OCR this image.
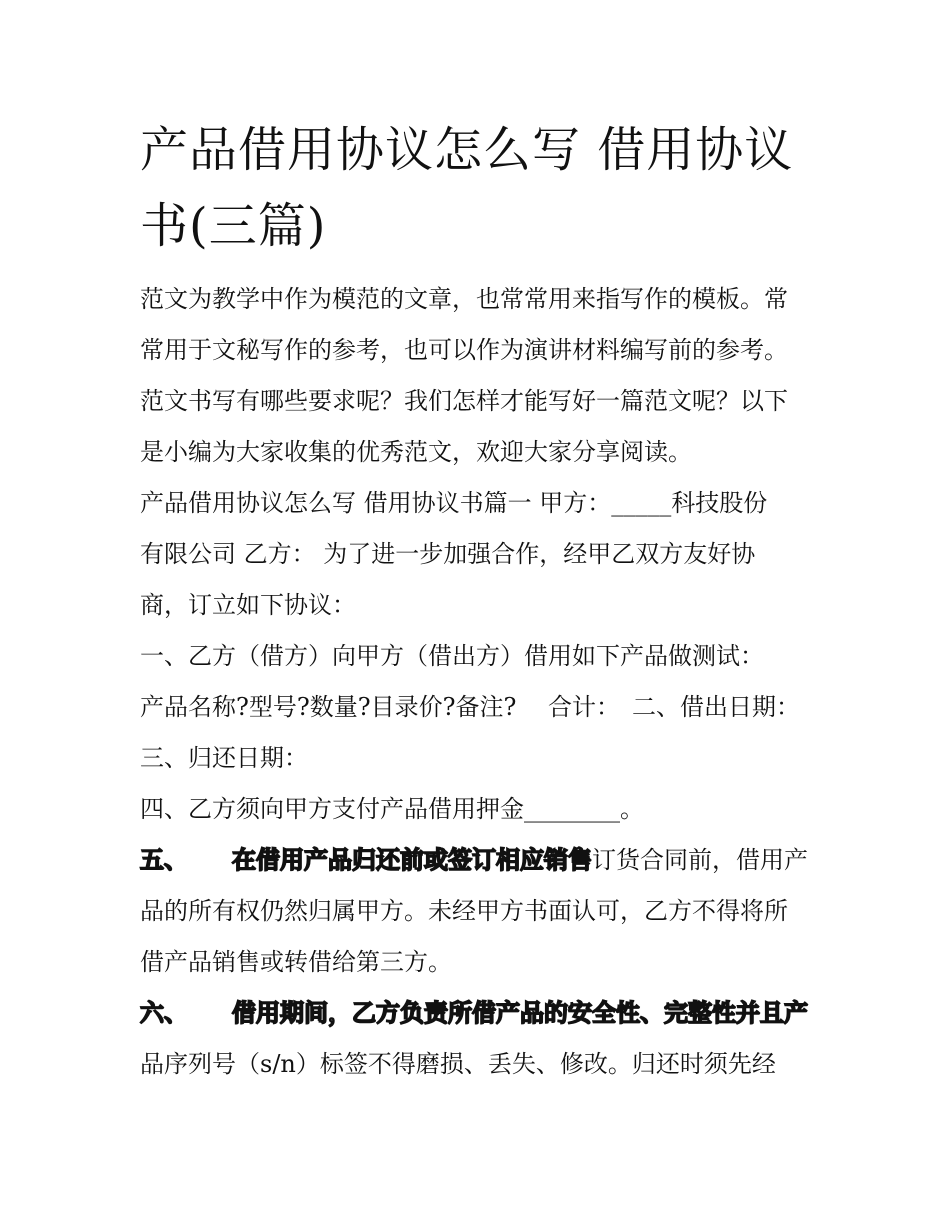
产品借用协议怎么写 借用协议书(三篇)
范文为教学中作为模范的文章，也常常用来指写作的模板。常
常用于文秘写作的参考，也可以作为演讲材料编写前的参考。
范文书写有哪些要求呢？我们怎样才能写好一篇范文呢？以下
是小编为大家收集的优秀范文，欢迎大家分享阅读。
产品借用协议怎么写 借用协议书篇一 甲方：_____科技股份
有限公司 乙方： 为了进一步加强合作，经甲乙双方友好协
商，订立如下协议：
一、乙方（借方）向甲方（借出方）借用如下产品做测试：
产品名称?型号?数量?目录价?备注?　 合计：　二、借出日期：
三、归还日期：
四、乙方须向甲方支付产品借用押金________。
五、 在借用产品归还前或签订相应销售订货合同前，借用产
品的所有权仍然归属甲方。未经甲方书面认可，乙方不得将所
借产品销售或转借给第三方。
六、 借用期间，乙方负责所借产品的安全性、完整性并且产
品序列号（s/n）标签不得磨损、丢失、修改。归还时须先经
